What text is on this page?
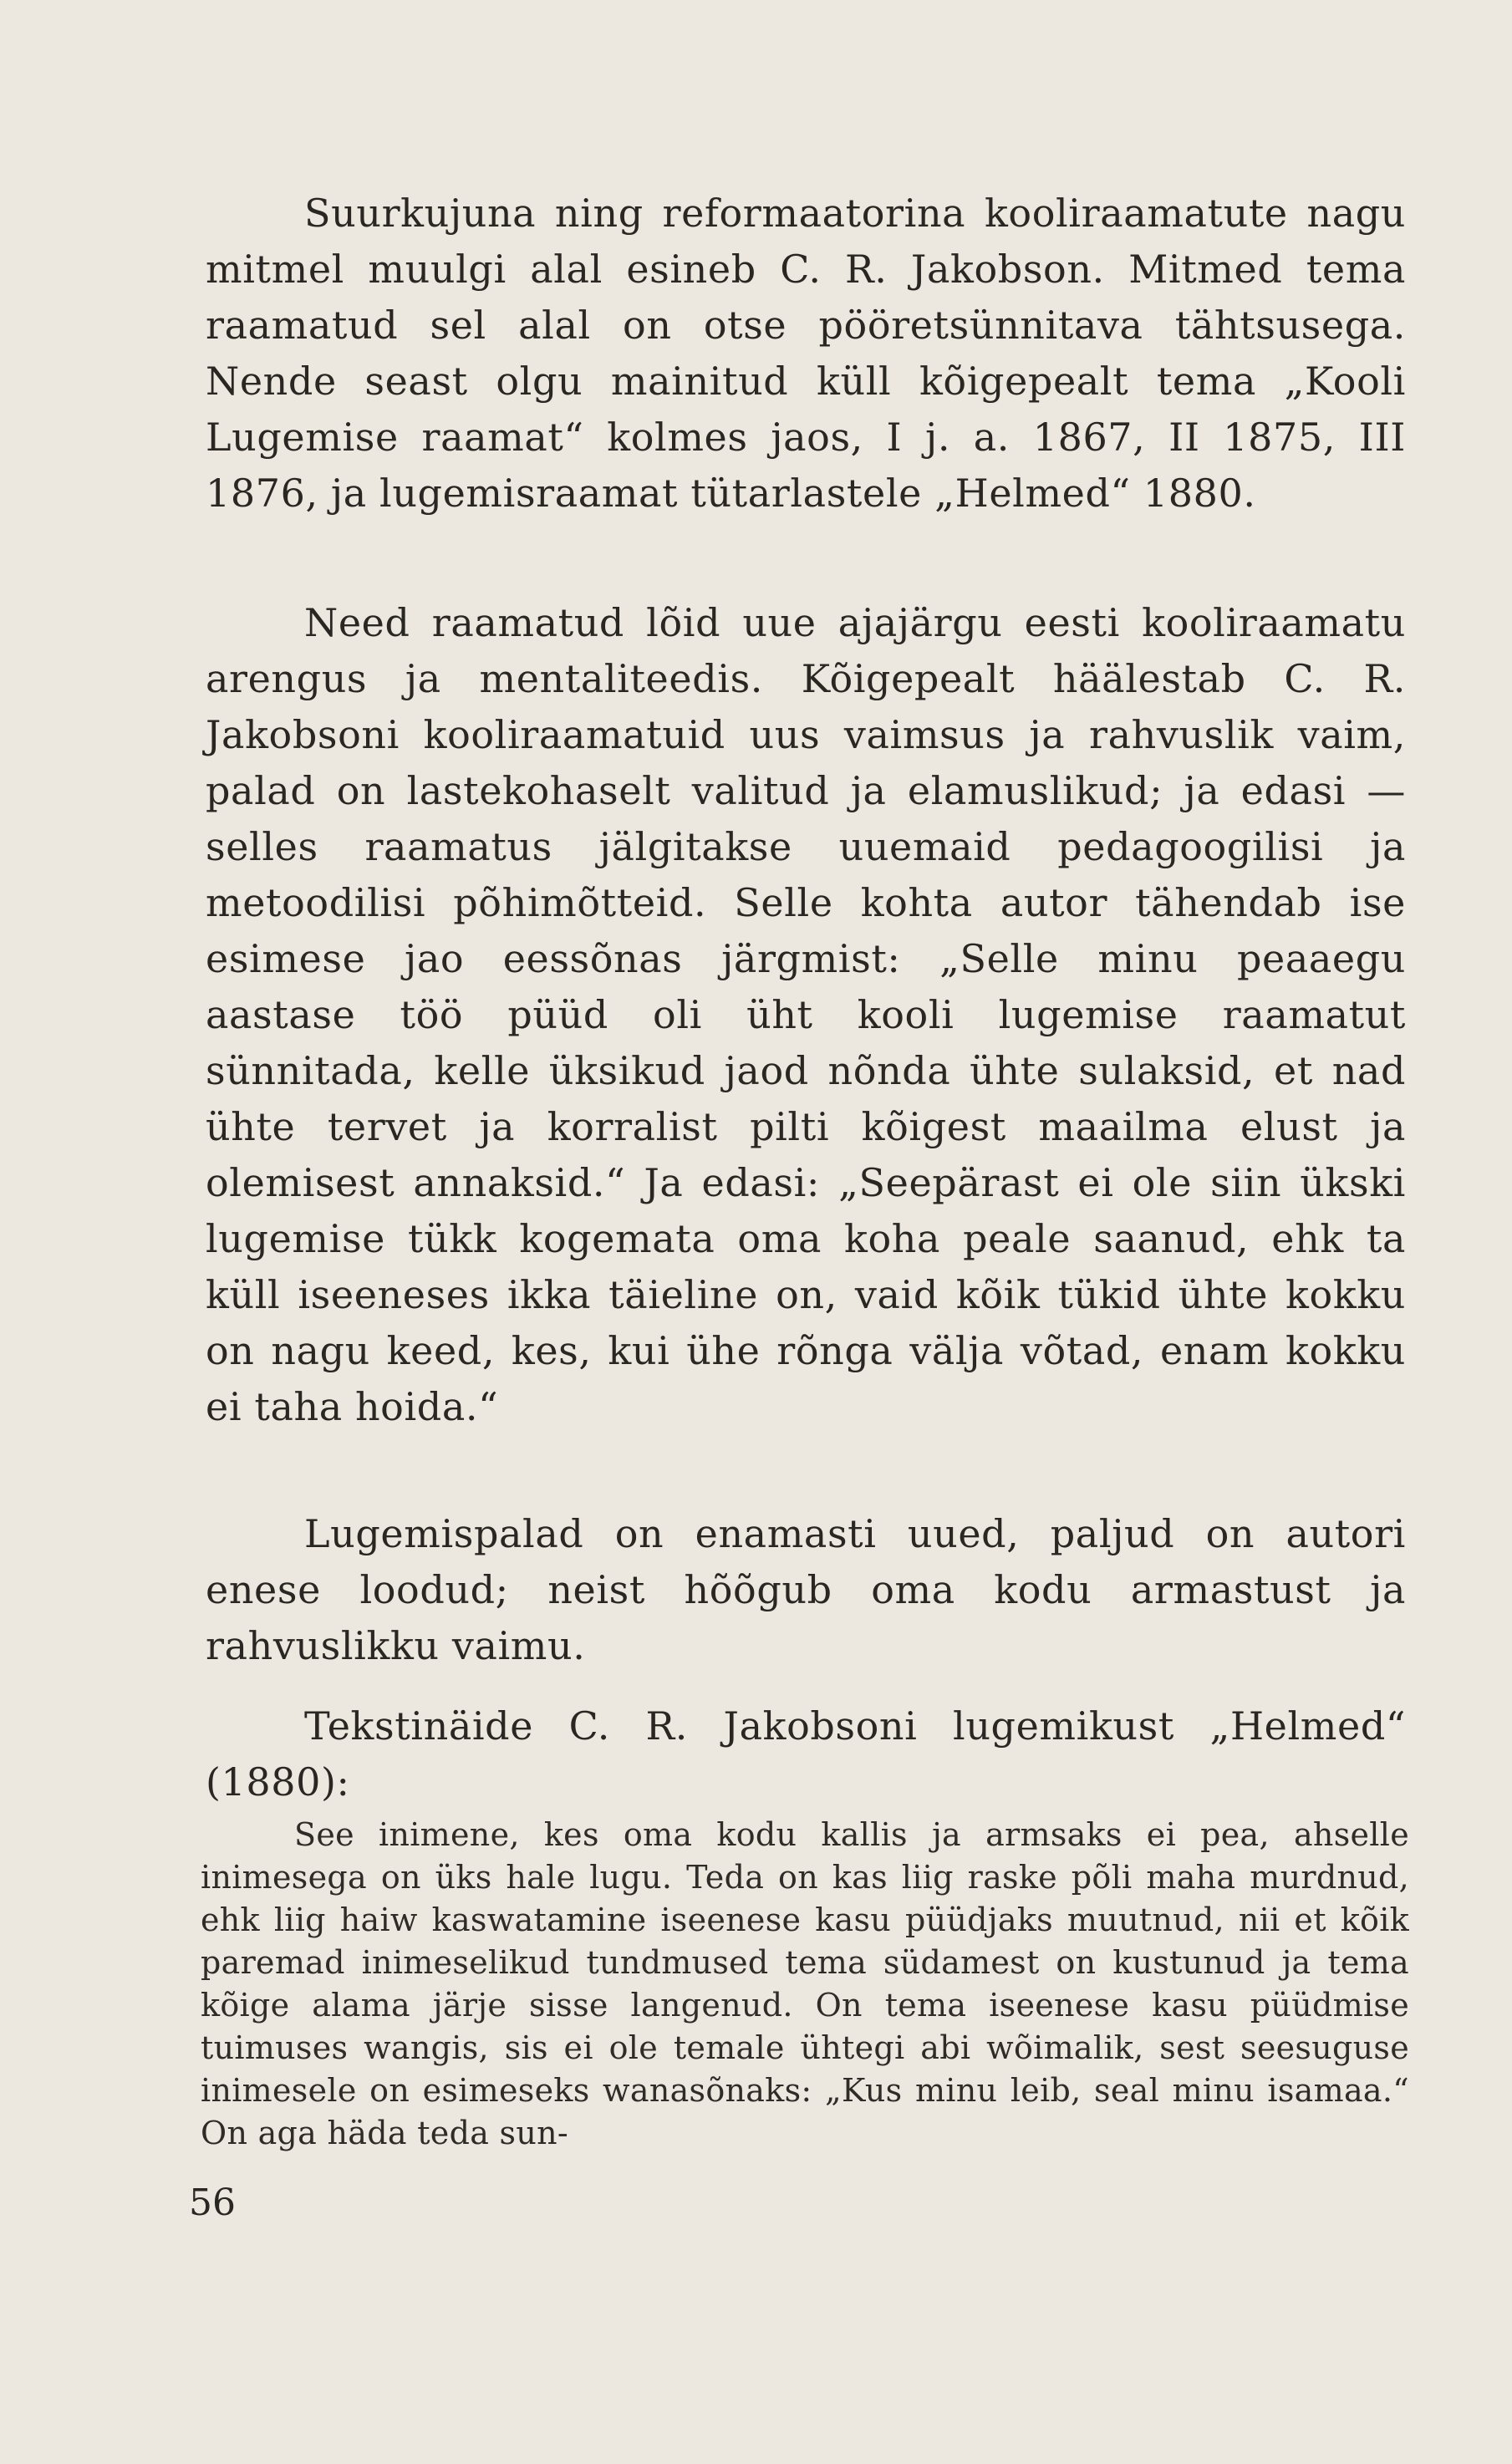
Suurkujuna ning reformaatorina kooliraamatute nagu mitmel muulgi alal esineb C. R. Jakobson. Mitmed tema raamatud sel alal on otse pööretsünnitava tähtsusega. Nende seast olgu mainitud küll kõigepealt tema „Kooli Lugemise raamat“ kolmes jaos, I j. a. 1867, II 1875, III 1876, ja lugemisraamat tütarlastele „Helmed“ 1880.

Need raamatud lõid uue ajajärgu eesti kooliraamatu arengus ja mentaliteedis. Kõigepealt häälestab C. R. Jakobsoni kooliraamatuid uus vaimsus ja rahvuslik vaim, palad on lastekohaselt valitud ja elamuslikud; ja edasi — selles raamatus jälgitakse uuemaid pedagoogilisi ja metoodilisi põhimõtteid. Selle kohta autor tähendab ise esimese jao eessõnas järgmist: „Selle minu peaaegu aastase töö püüd oli üht kooli lugemise raamatut sünnitada, kelle üksikud jaod nõnda ühte sulaksid, et nad ühte tervet ja korralist pilti kõigest maailma elust ja olemisest annaksid.“ Ja edasi: „Seepärast ei ole siin ükski lugemise tükk kogemata oma koha peale saanud, ehk ta küll iseeneses ikka täieline on, vaid kõik tükid ühte kokku on nagu keed, kes, kui ühe rõnga välja võtad, enam kokku ei taha hoida.“

Lugemispalad on enamasti uued, paljud on autori enese loodud; neist hõõgub oma kodu armastust ja rahvuslikku vaimu.

Tekstinäide C. R. Jakobsoni lugemikust „Helmed“ (1880):

See inimene, kes oma kodu kallis ja armsaks ei pea, ahselle inimesega on üks hale lugu. Teda on kas liig raske põli maha murdnud, ehk liig haiw kaswatamine iseenese kasu püüdjaks muutnud, nii et kõik paremad inimeselikud tundmused tema südamest on kustunud ja tema kõige alama järje sisse langenud. On tema iseenese kasu püüdmise tuimuses wangis, sis ei ole temale ühtegi abi wõimalik, sest seesuguse inimesele on esimeseks wanasõnaks: „Kus minu leib, seal minu isamaa.“ On aga häda teda sun-

56
